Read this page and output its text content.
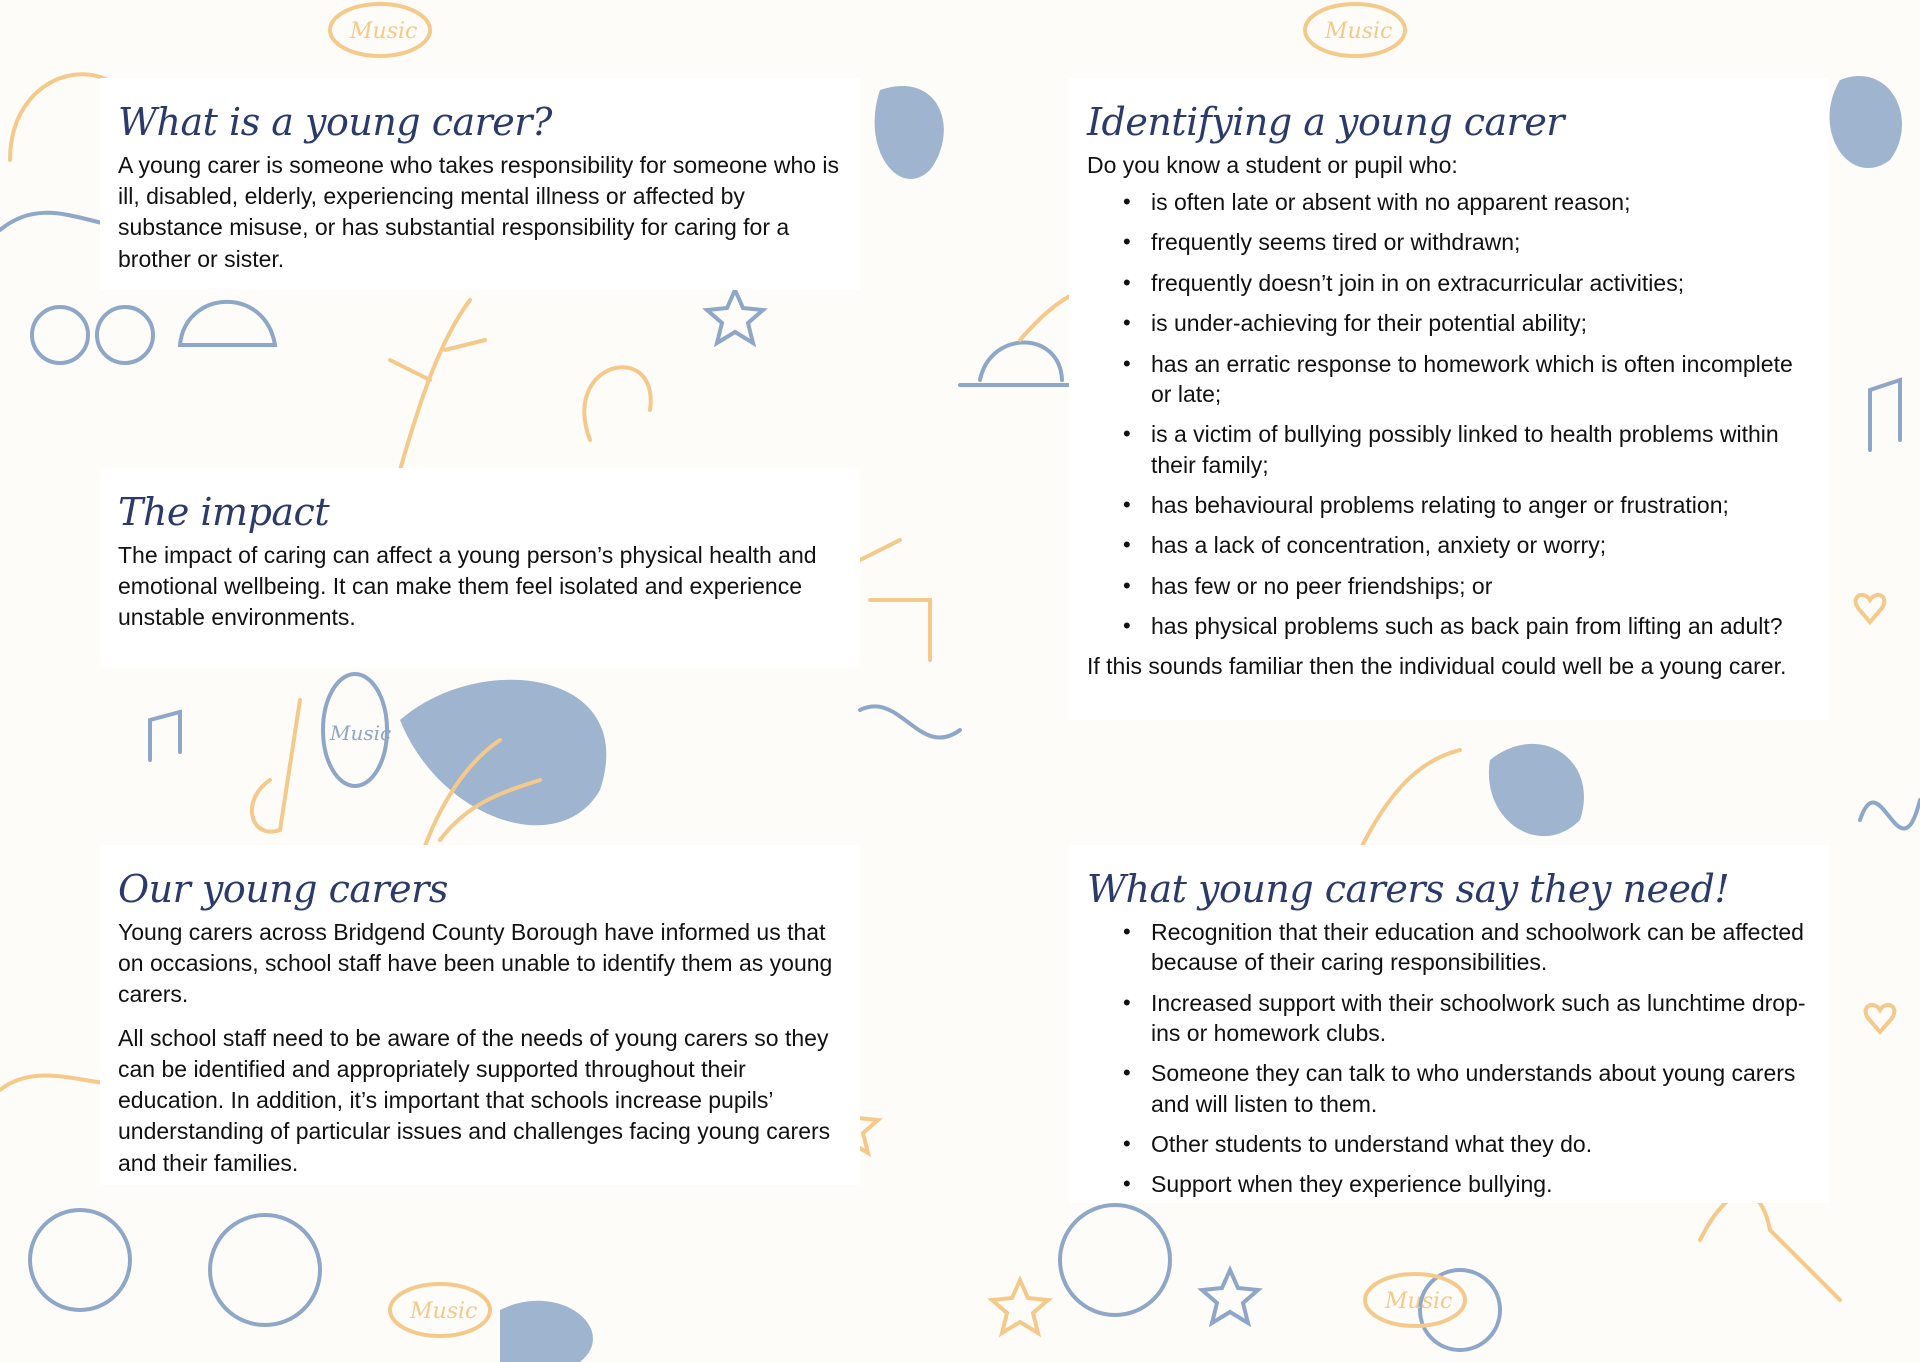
Music	Music
Music
Music	Music
What is a young carer?

A young carer is someone who takes responsibility for someone who is ill, disabled, elderly, experiencing mental illness or affected by substance misuse, or has substantial responsibility for caring for a brother or sister.

The impact

The impact of caring can affect a young person’s physical health and emotional wellbeing. It can make them feel isolated and experience unstable environments.

Our young carers

Young carers across Bridgend County Borough have informed us that on occasions, school staff have been unable to identify them as young carers.

All school staff need to be aware of the needs of young carers so they can be identified and appropriately supported throughout their education. In addition, it’s important that schools increase pupils’ understanding of particular issues and challenges facing young carers and their families.

Identifying a young carer

Do you know a student or pupil who:

• is often late or absent with no apparent reason;
• frequently seems tired or withdrawn;
• frequently doesn’t join in on extracurricular activities;
• is under-achieving for their potential ability;
• has an erratic response to homework which is often incomplete or late;
• is a victim of bullying possibly linked to health problems within their family;
• has behavioural problems relating to anger or frustration;
• has a lack of concentration, anxiety or worry;
• has few or no peer friendships; or
• has physical problems such as back pain from lifting an adult?

If this sounds familiar then the individual could well be a young carer.

What young carers say they need!
• Recognition that their education and schoolwork can be affected because of their caring responsibilities.
• Increased support with their schoolwork such as lunchtime drop-ins or homework clubs.
• Someone they can talk to who understands about young carers and will listen to them.
• Other students to understand what they do.
• Support when they experience bullying.
